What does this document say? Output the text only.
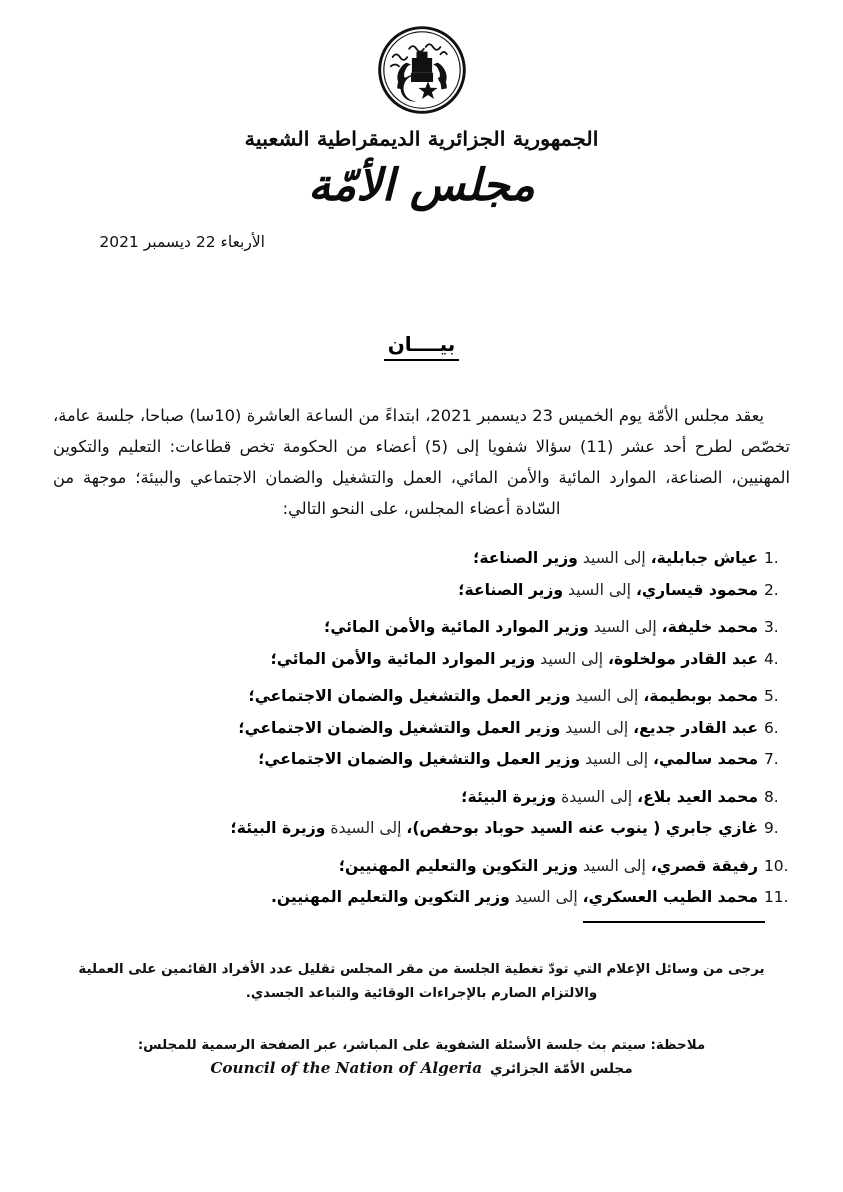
الجمهورية الجزائرية الديمقراطية الشعبية
مجلس الأمّة
الأربعاء 22 ديسمبر 2021
بيــــان
يعقد مجلس الأمّة يوم الخميس 23 ديسمبر 2021، ابتداءً من الساعة العاشرة (10ﺳﺎ) صباحا، جلسة عامة، تخصّص لطرح أحد عشر (11) سؤالا شفويا إلى (5) أعضاء من الحكومة تخص قطاعات: التعليم والتكوين المهنيين، الصناعة، الموارد المائية والأمن المائي، العمل والتشغيل والضمان الاجتماعي والبيئة؛ موجهة من السّادة أعضاء المجلس، على النحو التالي:
1.
عياش جبابلية، إلى السيد وزير الصناعة؛
2.
محمود قيساري، إلى السيد وزير الصناعة؛
3.
محمد خليفة، إلى السيد وزير الموارد المائية والأمن المائي؛
4.
عبد القادر مولخلوة، إلى السيد وزير الموارد المائية والأمن المائي؛
5.
محمد بوبطيمة، إلى السيد وزير العمل والتشغيل والضمان الاجتماعي؛
6.
عبد القادر جديع، إلى السيد وزير العمل والتشغيل والضمان الاجتماعي؛
7.
محمد سالمي، إلى السيد وزير العمل والتشغيل والضمان الاجتماعي؛
8.
محمد العيد بلاع، إلى السيدة وزيرة البيئة؛
9.
غازي جابري ( ينوب عنه السيد حوباد بوحفص)، إلى السيدة وزيرة البيئة؛
10.
رفيقة قصري، إلى السيد وزير التكوين والتعليم المهنيين؛
11.
محمد الطيب العسكري، إلى السيد وزير التكوين والتعليم المهنيين.
يرجى من وسائل الإعلام التي تودّ تغطية الجلسة من مقر المجلس تقليل عدد الأفراد القائمين على العملية
والالتزام الصارم بالإجراءات الوقائية والتباعد الجسدي.
ملاحظة: سيتم بث جلسة الأسئلة الشفوية على المباشر، عبر الصفحة الرسمية للمجلس:
مجلس الأمّة الجزائريCouncil of the Nation of Algeria
